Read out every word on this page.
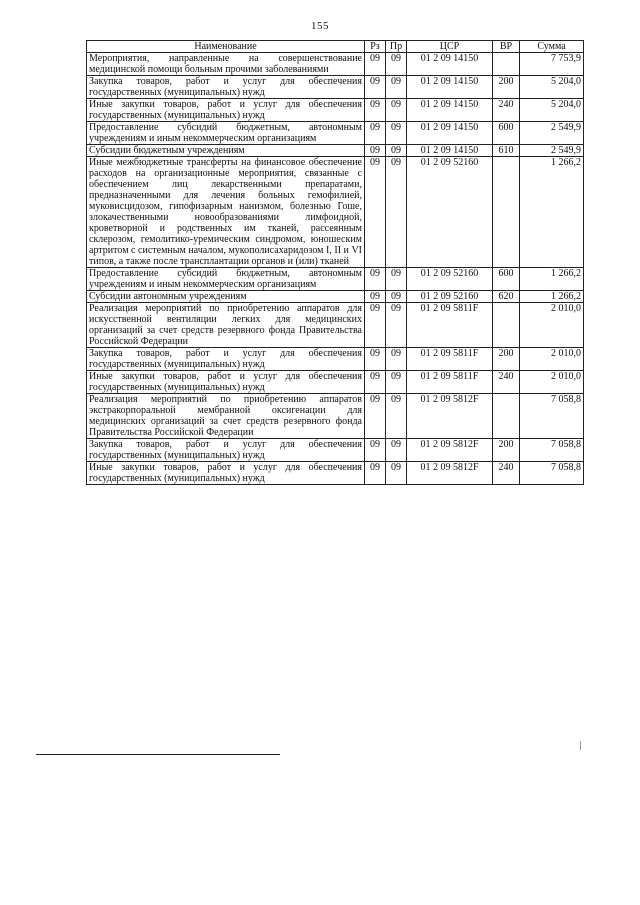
155
Наименование	Рз	Пр	ЦСР	ВР	Сумма
Мероприятия, направленные на совершенствование медицинской помощи больным прочими заболеваниями	09	09	01 2 09 14150		7 753,9
Закупка товаров, работ и услуг для обеспечения государственных (муниципальных) нужд	09	09	01 2 09 14150	200	5 204,0
Иные закупки товаров, работ и услуг для обеспечения государственных (муниципальных) нужд	09	09	01 2 09 14150	240	5 204,0
Предоставление субсидий бюджетным, автономным учреждениям и иным некоммерческим организациям	09	09	01 2 09 14150	600	2 549,9
Субсидии бюджетным учреждениям	09	09	01 2 09 14150	610	2 549,9
Иные межбюджетные трансферты на финансовое обеспечение расходов на организационные мероприятия, связанные с обеспечением лиц лекарственными препаратами, предназначенными для лечения больных гемофилией, муковисцидозом, гипофизарным нанизмом, болезнью Гоше, злокачественными новообразованиями лимфоидной, кроветворной и родственных им тканей, рассеянным склерозом, гемолитико-уремическим синдромом, юношеским артритом с системным началом, мукополисахаридозом I, II и VI типов, а также после трансплантации органов и (или) тканей	09	09	01 2 09 52160		1 266,2
Предоставление субсидий бюджетным, автономным учреждениям и иным некоммерческим организациям	09	09	01 2 09 52160	600	1 266,2
Субсидии автономным учреждениям	09	09	01 2 09 52160	620	1 266,2
Реализация мероприятий по приобретению аппаратов для искусственной вентиляции легких для медицинских организаций за счет средств резервного фонда Правительства Российской Федерации	09	09	01 2 09 5811F		2 010,0
Закупка товаров, работ и услуг для обеспечения государственных (муниципальных) нужд	09	09	01 2 09 5811F	200	2 010,0
Иные закупки товаров, работ и услуг для обеспечения государственных (муниципальных) нужд	09	09	01 2 09 5811F	240	2 010,0
Реализация мероприятий по приобретению аппаратов экстракорпоральной мембранной оксигенации для медицинских организаций за счет средств резервного фонда Правительства Российской Федерации	09	09	01 2 09 5812F		7 058,8
Закупка товаров, работ и услуг для обеспечения государственных (муниципальных) нужд	09	09	01 2 09 5812F	200	7 058,8
Иные закупки товаров, работ и услуг для обеспечения государственных (муниципальных) нужд	09	09	01 2 09 5812F	240	7 058,8
